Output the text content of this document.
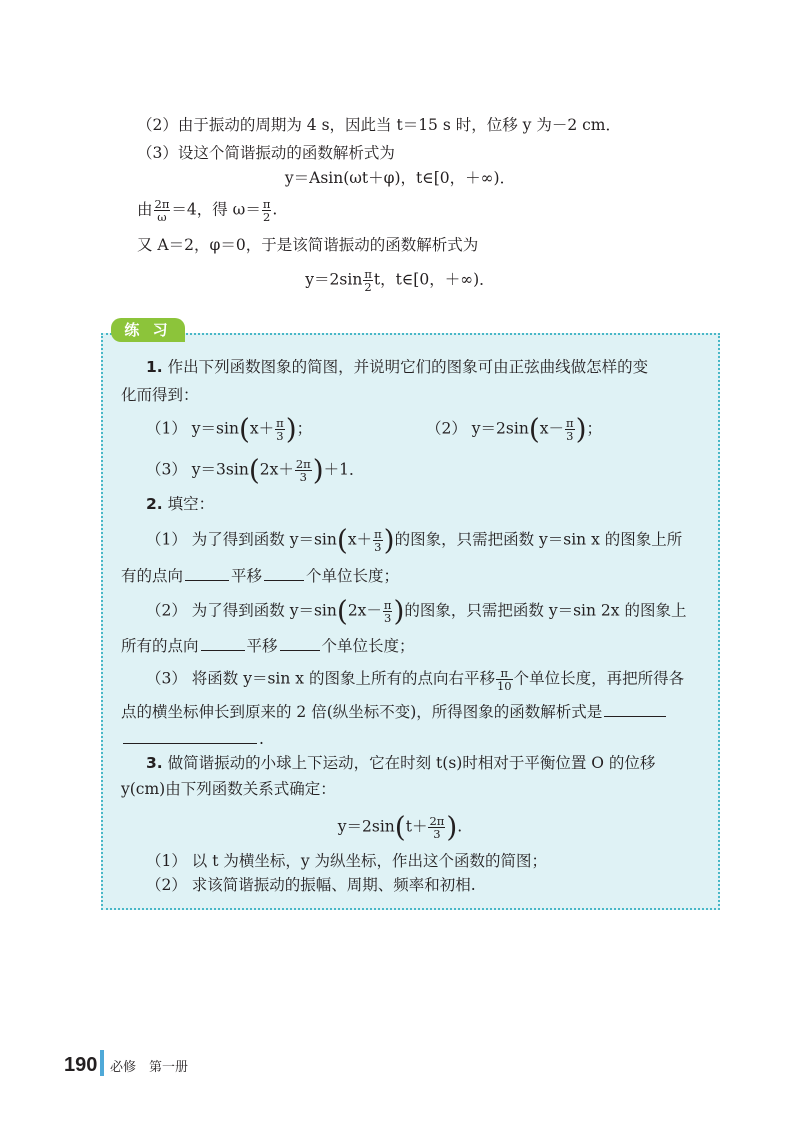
（2）由于振动的周期为 4 s，因此当 t＝15 s 时，位移 y 为－2 cm．
（3）设这个简谐振动的函数解析式为
y＝Asin(ωt＋φ)，t∈[0，＋∞)．
由 $\frac{2\pi}{\omega} =4$，得 $\omega= \frac{\pi}{2}$ .
又 A＝2，φ＝0，于是该简谐振动的函数解析式为
$y=2\sin \frac{\pi}{2}$ t，t∈[0，＋∞)．
练 习
1. 作出下列函数图象的简图，并说明它们的图象可由正弦曲线做怎样的变
化而得到：
（1） $y=\sin(x+ \frac{\pi}{3}$ )；	（2） $y=2\sin(x- \frac{\pi}{3}$ )；
（3） $y=3\sin(2x+ \frac{2\pi}{3} )+1$．
2. 填空：
（1） 为了得到函数 $y=\sin(x+ \frac{\pi}{3}$ )的图象，只需把函数 y＝sin x 的图象上所
有的点向	平移	个单位长度；
（2） 为了得到函数 $y=\sin(2x- \frac{\pi}{3}$ )的图象，只需把函数 y＝sin 2x 的图象上
所有的点向	平移	个单位长度；
（3） 将函数 y＝sin x 的图象上所有的点向右平移 $\frac{\pi}{10}$ 个单位长度，再把所得各
点的横坐标伸长到原来的 2 倍(纵坐标不变)，所得图象的函数解析式是
.
3. 做简谐振动的小球上下运动，它在时刻 t(s)时相对于平衡位置 O 的位移
y(cm)由下列函数关系式确定：
$y=2\sin(t+ \frac{2\pi}{3}$ ).
（1） 以 t 为横坐标，y 为纵坐标，作出这个函数的简图；
（2） 求该简谐振动的振幅、周期、频率和初相.
190 必修　第一册
